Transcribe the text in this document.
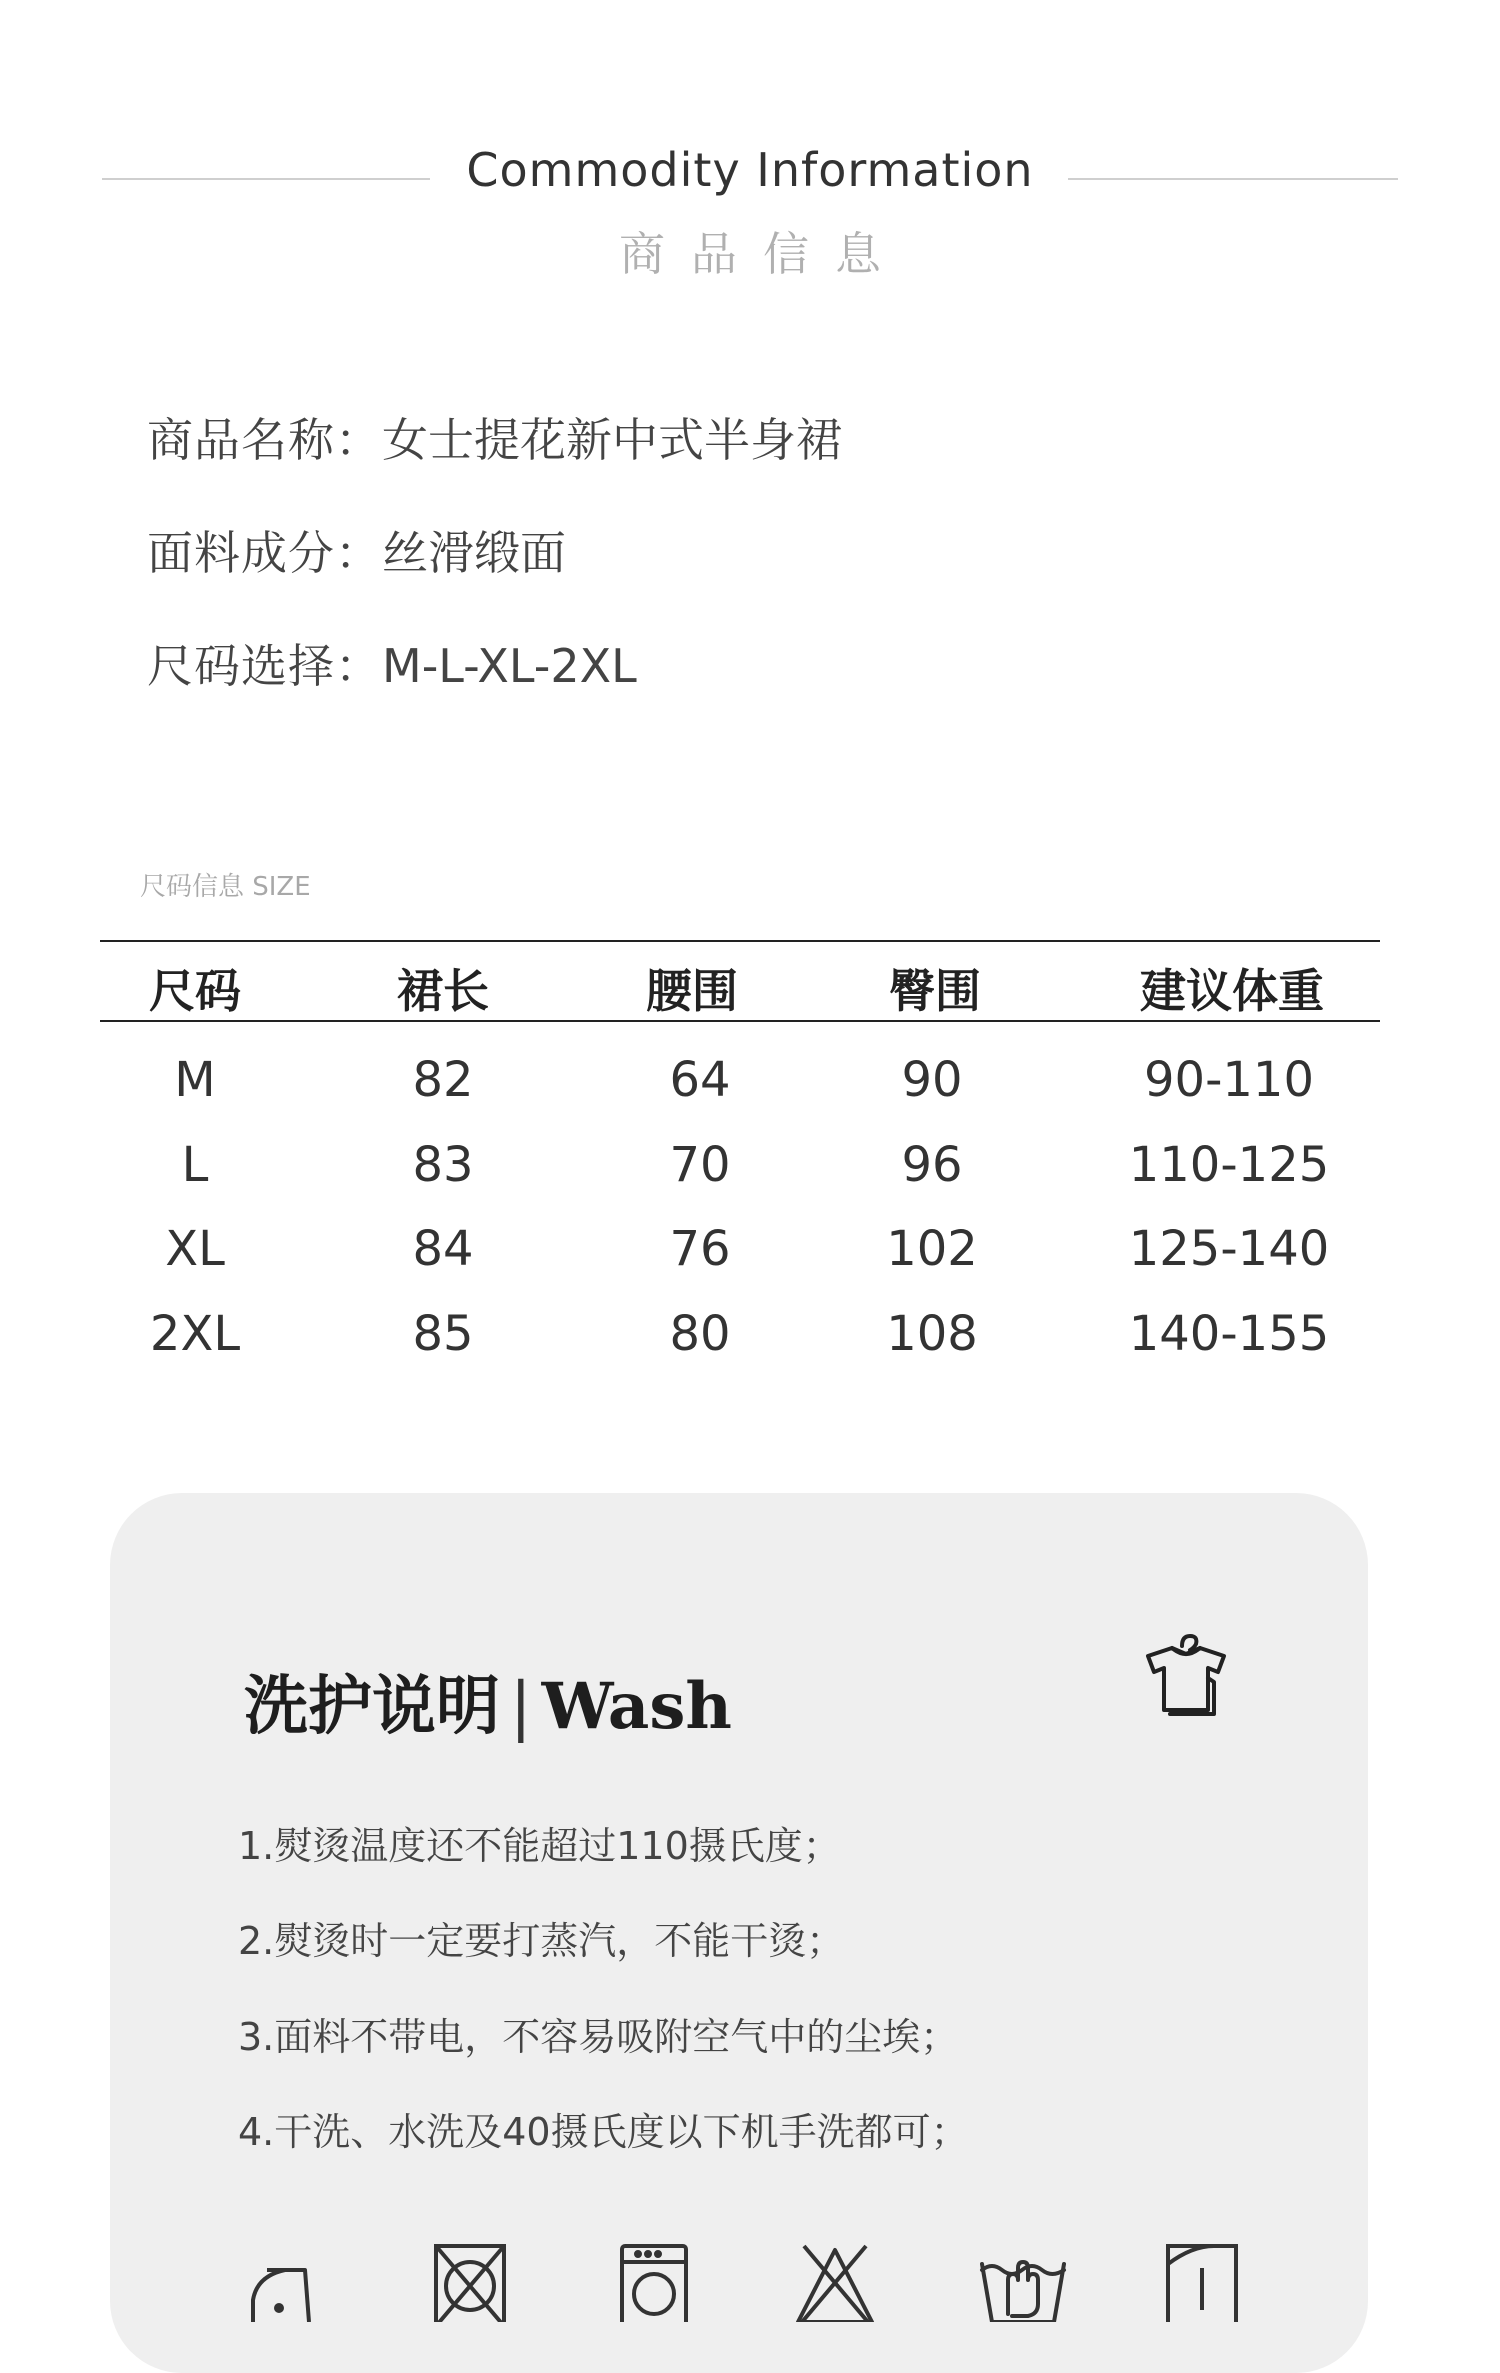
Commodity Information
商品信息
商品名称：女士提花新中式半身裙
面料成分：丝滑缎面
尺码选择：M-L-XL-2XL
尺码信息 SIZE
尺码	裙长	腰围	臀围	建议体重
M	82	64	90	90-110
L	83	70	96	110-125
XL	84	76	102	125-140
2XL	85	80	108	140-155
洗护说明 | Wash
1.熨烫温度还不能超过110摄氏度；
2.熨烫时一定要打蒸汽，不能干烫；
3.面料不带电，不容易吸附空气中的尘埃；
4.干洗、水洗及40摄氏度以下机手洗都可；
